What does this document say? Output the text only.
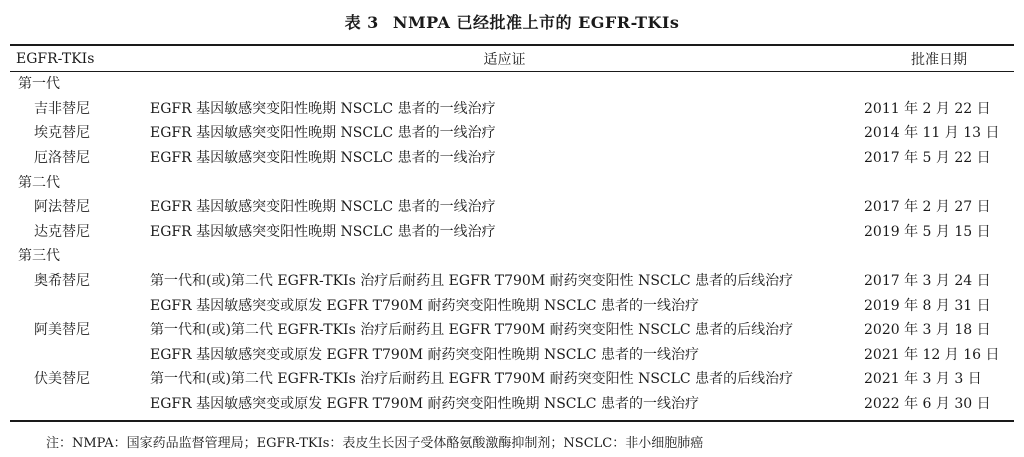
表 3 NMPA 已经批准上市的 EGFR-TKIs
EGFR-TKIs	适应证	批准日期
第一代		
吉非替尼	EGFR 基因敏感突变阳性晚期 NSCLC 患者的一线治疗	2011 年 2 月 22 日
埃克替尼	EGFR 基因敏感突变阳性晚期 NSCLC 患者的一线治疗	2014 年 11 月 13 日
厄洛替尼	EGFR 基因敏感突变阳性晚期 NSCLC 患者的一线治疗	2017 年 5 月 22 日
第二代		
阿法替尼	EGFR 基因敏感突变阳性晚期 NSCLC 患者的一线治疗	2017 年 2 月 27 日
达克替尼	EGFR 基因敏感突变阳性晚期 NSCLC 患者的一线治疗	2019 年 5 月 15 日
第三代		
奥希替尼	第一代和(或)第二代 EGFR-TKIs 治疗后耐药且 EGFR T790M 耐药突变阳性 NSCLC 患者的后线治疗	2017 年 3 月 24 日
	EGFR 基因敏感突变或原发 EGFR T790M 耐药突变阳性晚期 NSCLC 患者的一线治疗	2019 年 8 月 31 日
阿美替尼	第一代和(或)第二代 EGFR-TKIs 治疗后耐药且 EGFR T790M 耐药突变阳性 NSCLC 患者的后线治疗	2020 年 3 月 18 日
	EGFR 基因敏感突变或原发 EGFR T790M 耐药突变阳性晚期 NSCLC 患者的一线治疗	2021 年 12 月 16 日
伏美替尼	第一代和(或)第二代 EGFR-TKIs 治疗后耐药且 EGFR T790M 耐药突变阳性 NSCLC 患者的后线治疗	2021 年 3 月 3 日
	EGFR 基因敏感突变或原发 EGFR T790M 耐药突变阳性晚期 NSCLC 患者的一线治疗	2022 年 6 月 30 日
注：NMPA：国家药品监督管理局；EGFR-TKIs：表皮生长因子受体酪氨酸激酶抑制剂；NSCLC：非小细胞肺癌
